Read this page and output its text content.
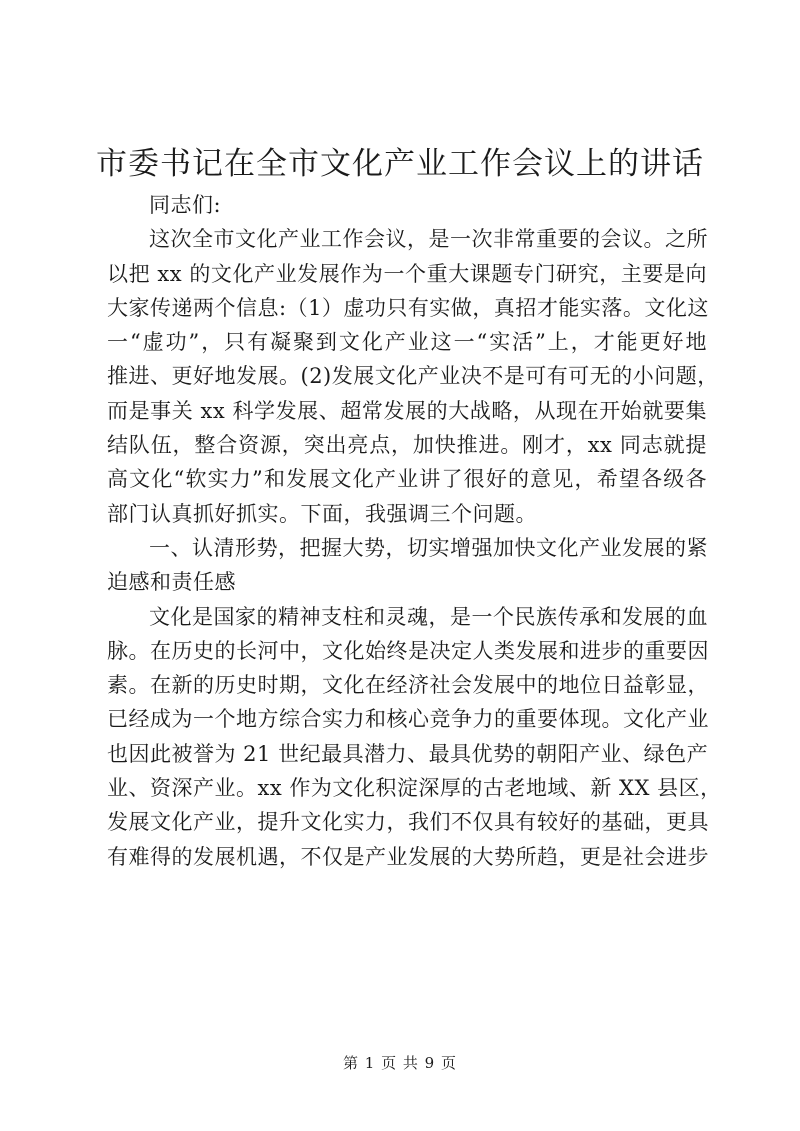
市委书记在全市文化产业工作会议上的讲话
同志们:
这次全市文化产业工作会议，是一次非常重要的会议。之所
以把 xx 的文化产业发展作为一个重大课题专门研究，主要是向
大家传递两个信息:（1）虚功只有实做，真招才能实落。文化这
一“虚功”，只有凝聚到文化产业这一“实活”上，才能更好地
推进、更好地发展。(2)发展文化产业决不是可有可无的小问题，
而是事关 xx 科学发展、超常发展的大战略，从现在开始就要集
结队伍，整合资源，突出亮点，加快推进。刚才，xx 同志就提
高文化“软实力”和发展文化产业讲了很好的意见，希望各级各
部门认真抓好抓实。下面，我强调三个问题。
一、认清形势，把握大势，切实增强加快文化产业发展的紧
迫感和责任感
文化是国家的精神支柱和灵魂，是一个民族传承和发展的血
脉。在历史的长河中，文化始终是决定人类发展和进步的重要因
素。在新的历史时期，文化在经济社会发展中的地位日益彰显，
已经成为一个地方综合实力和核心竞争力的重要体现。文化产业
也因此被誉为 21 世纪最具潜力、最具优势的朝阳产业、绿色产
业、资深产业。xx 作为文化积淀深厚的古老地域、新 XX 县区，
发展文化产业，提升文化实力，我们不仅具有较好的基础，更具
有难得的发展机遇，不仅是产业发展的大势所趋，更是社会进步
第 1 页 共 9 页
